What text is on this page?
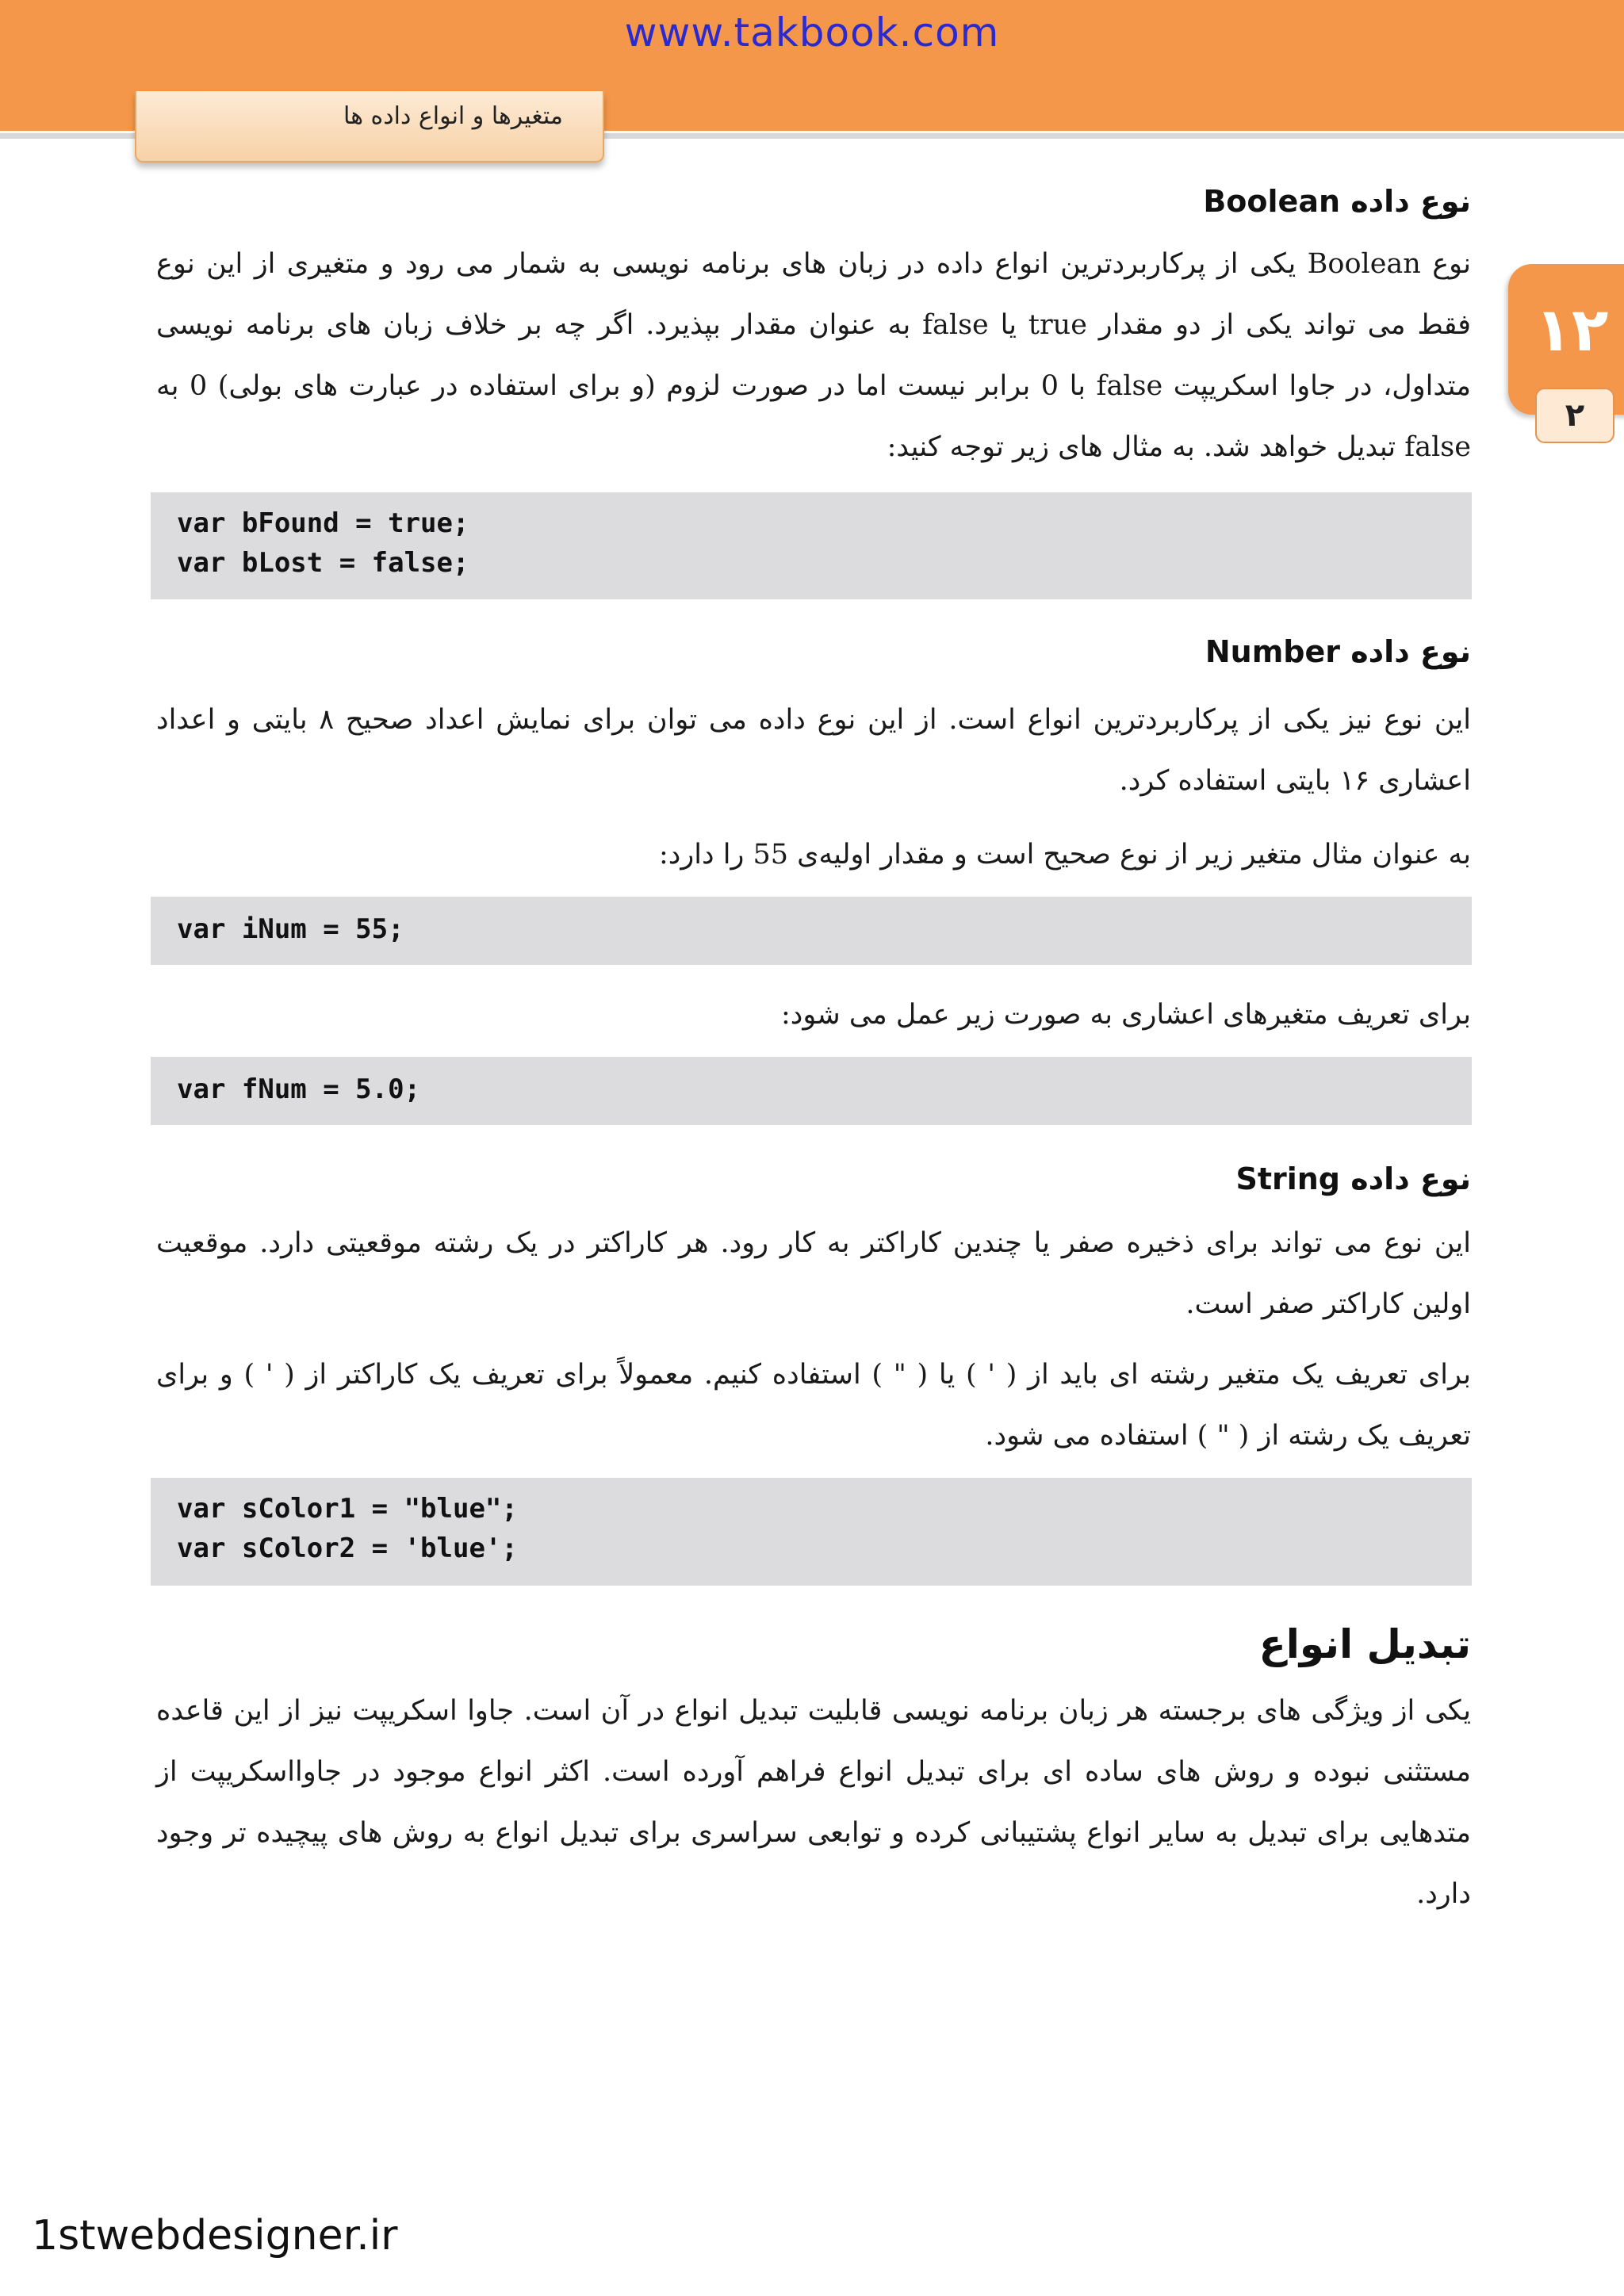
www.takbook.com
متغیرها و انواع داده ها
۱۲
۲
نوع داده Boolean
نوع Boolean یکی از پرکاربردترین انواع داده در زبان های برنامه نویسی به شمار می رود و متغیری از این نوع فقط می تواند یکی از دو مقدار true یا false به عنوان مقدار بپذیرد. اگر چه بر خلاف زبان های برنامه نویسی متداول، در جاوا اسکریپت false با 0 برابر نیست اما در صورت لزوم (و برای استفاده در عبارت های بولی) 0 به false تبدیل خواهد شد. به مثال های زیر توجه کنید:
var bFound = true;
var bLost = false;
نوع داده Number
این نوع نیز یکی از پرکاربردترین انواع است. از این نوع داده می توان برای نمایش اعداد صحیح ۸ بایتی و اعداد اعشاری ۱۶ بایتی استفاده کرد.
به عنوان مثال متغیر زیر از نوع صحیح است و مقدار اولیه‌ی 55 را دارد:
var iNum = 55;
برای تعریف متغیرهای اعشاری به صورت زیر عمل می شود:
var fNum = 5.0;
نوع داده String
این نوع می تواند برای ذخیره صفر یا چندین کاراکتر به کار رود. هر کاراکتر در یک رشته موقعیتی دارد. موقعیت اولین کاراکتر صفر است.
برای تعریف یک متغیر رشته ای باید از ( ' ) یا ( " ) استفاده کنیم. معمولاً برای تعریف یک کاراکتر از ( ' ) و برای تعریف یک رشته از ( " ) استفاده می شود.
var sColor1 = "blue";
var sColor2 = 'blue';
تبدیل انواع
یکی از ویژگی های برجسته هر زبان برنامه نویسی قابلیت تبدیل انواع در آن است. جاوا اسکریپت نیز از این قاعده مستثنی نبوده و روش های ساده ای برای تبدیل انواع فراهم آورده است. اکثر انواع موجود در جاوااسکریپت از متدهایی برای تبدیل به سایر انواع پشتیبانی کرده و توابعی سراسری برای تبدیل انواع به روش های پیچیده تر وجود دارد.
1stwebdesigner.ir
